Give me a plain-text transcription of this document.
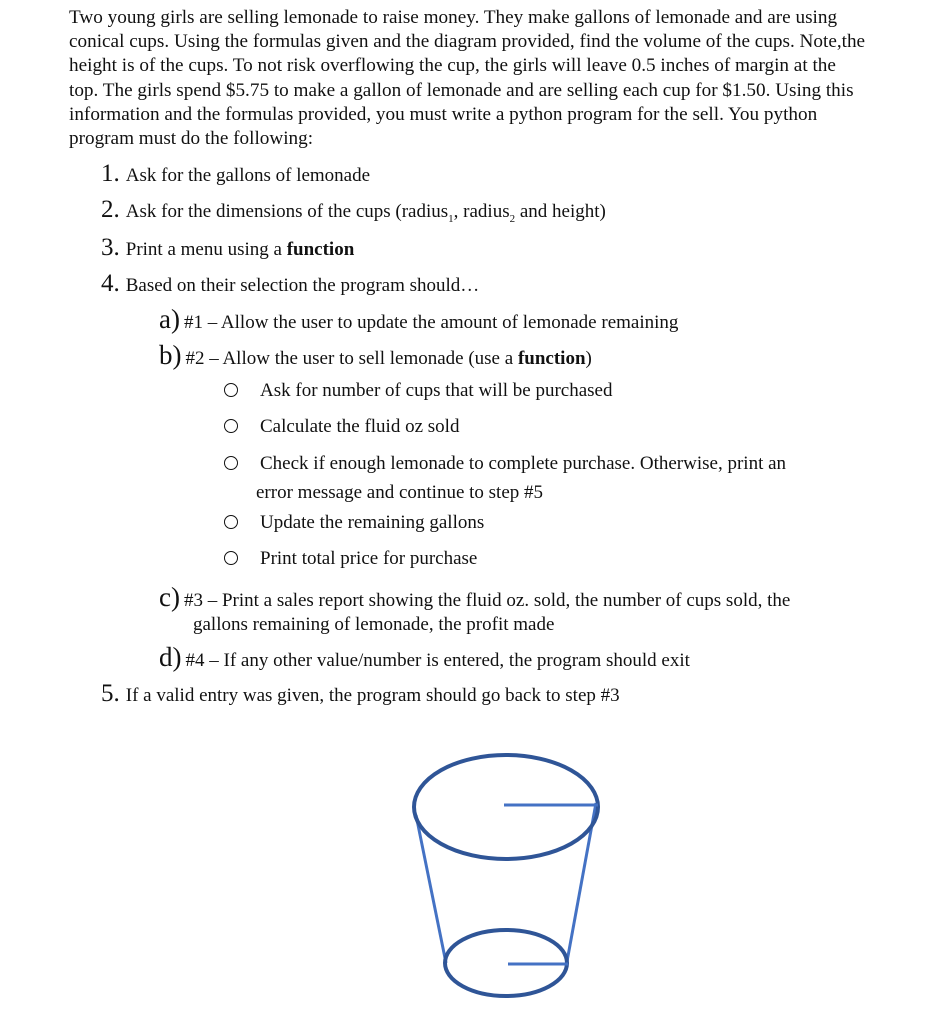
Two young girls are selling lemonade to raise money. They make gallons of lemonade and are using conical cups. Using the formulas given and the diagram provided, find the volume of the cups. Note,the height is of the cups. To not risk overflowing the cup, the girls will leave 0.5 inches of margin at the top. The girls spend $5.75 to make a gallon of lemonade and are selling each cup for $1.50. Using this information and the formulas provided, you must write a python program for the sell. You python program must do the following:

1. Ask for the gallons of lemonade
2. Ask for the dimensions of the cups (radius$_1$, radius$_2$ and height)
3. Print a menu using a function
4. Based on their selection the program should…
a) #1 – Allow the user to update the amount of lemonade remaining
b) #2 – Allow the user to sell lemonade (use a function)
Ask for number of cups that will be purchased
Calculate the fluid oz sold
Check if enough lemonade to complete purchase. Otherwise, print an
error message and continue to step #5
Update the remaining gallons
Print total price for purchase
c) #3 – Print a sales report showing the fluid oz. sold, the number of cups sold, the
gallons remaining of lemonade, the profit made
d) #4 – If any other value/number is entered, the program should exit
5. If a valid entry was given, the program should go back to step #3
